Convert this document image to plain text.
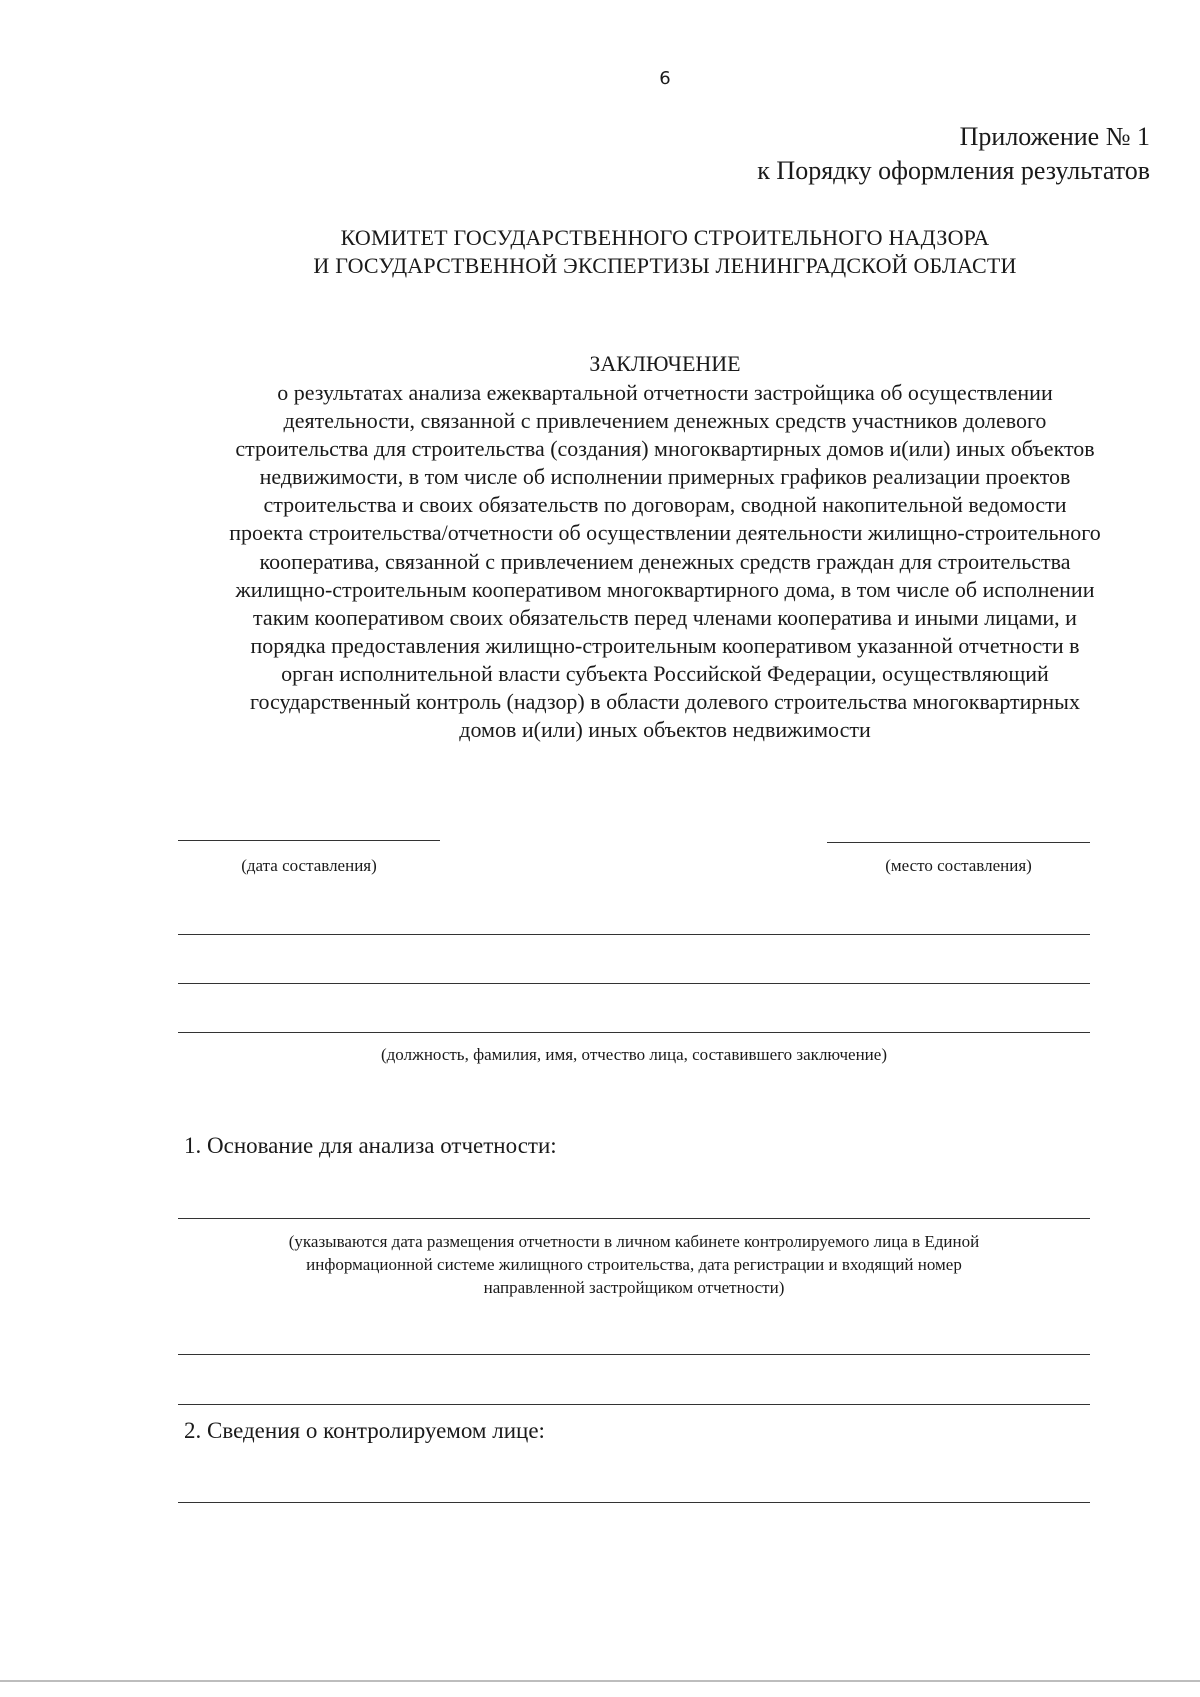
6
Приложение № 1
к Порядку оформления результатов
КОМИТЕТ ГОСУДАРСТВЕННОГО СТРОИТЕЛЬНОГО НАДЗОРА
И ГОСУДАРСТВЕННОЙ ЭКСПЕРТИЗЫ ЛЕНИНГРАДСКОЙ ОБЛАСТИ
ЗАКЛЮЧЕНИЕ
о результатах анализа ежеквартальной отчетности застройщика об осуществлении
деятельности, связанной с привлечением денежных средств участников долевого
строительства для строительства (создания) многоквартирных домов и(или) иных объектов
недвижимости, в том числе об исполнении примерных графиков реализации проектов
строительства и своих обязательств по договорам, сводной накопительной ведомости
проекта строительства/отчетности об осуществлении деятельности жилищно-строительного
кооператива, связанной с привлечением денежных средств граждан для строительства
жилищно-строительным кооперативом многоквартирного дома, в том числе об исполнении
таким кооперативом своих обязательств перед членами кооператива и иными лицами, и
порядка предоставления жилищно-строительным кооперативом указанной отчетности в
орган исполнительной власти субъекта Российской Федерации, осуществляющий
государственный контроль (надзор) в области долевого строительства многоквартирных
домов и(или) иных объектов недвижимости
(дата составления)	(место составления)
(должность, фамилия, имя, отчество лица, составившего заключение)
1. Основание для анализа отчетности:
(указываются дата размещения отчетности в личном кабинете контролируемого лица в Единой
информационной системе жилищного строительства, дата регистрации и входящий номер
направленной застройщиком отчетности)
2. Сведения о контролируемом лице:
